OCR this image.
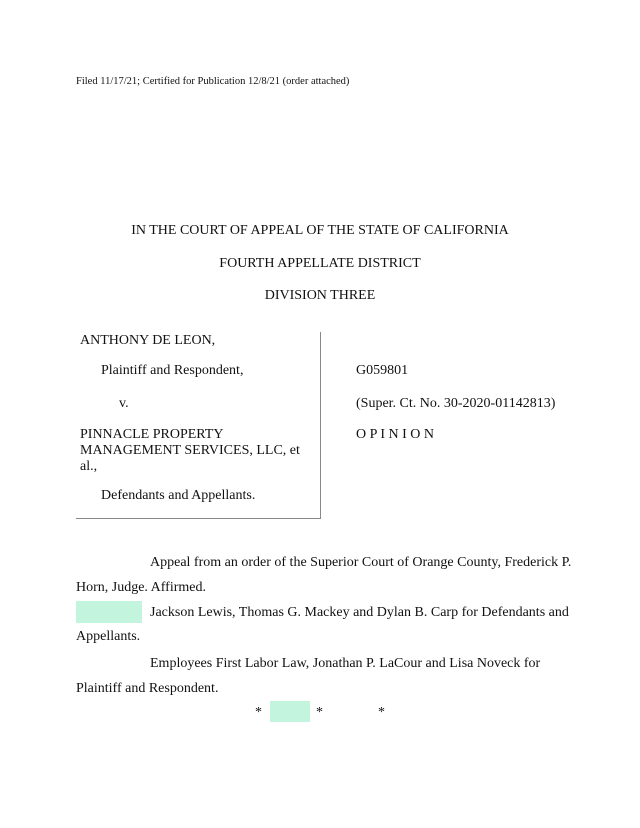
Filed 11/17/21; Certified for Publication 12/8/21 (order attached)
IN THE COURT OF APPEAL OF THE STATE OF CALIFORNIA
FOURTH APPELLATE DISTRICT
DIVISION THREE
ANTHONY DE LEON,
Plaintiff and Respondent,
v.
PINNACLE PROPERTY MANAGEMENT SERVICES, LLC, et al.,
Defendants and Appellants.
G059801
(Super. Ct. No. 30-2020-01142813)
O P I N I O N
Appeal from an order of the Superior Court of Orange County, Frederick P.
Horn, Judge. Affirmed.
Jackson Lewis, Thomas G. Mackey and Dylan B. Carp for Defendants and
Appellants.
Employees First Labor Law, Jonathan P. LaCour and Lisa Noveck for
Plaintiff and Respondent.
*	*	*
